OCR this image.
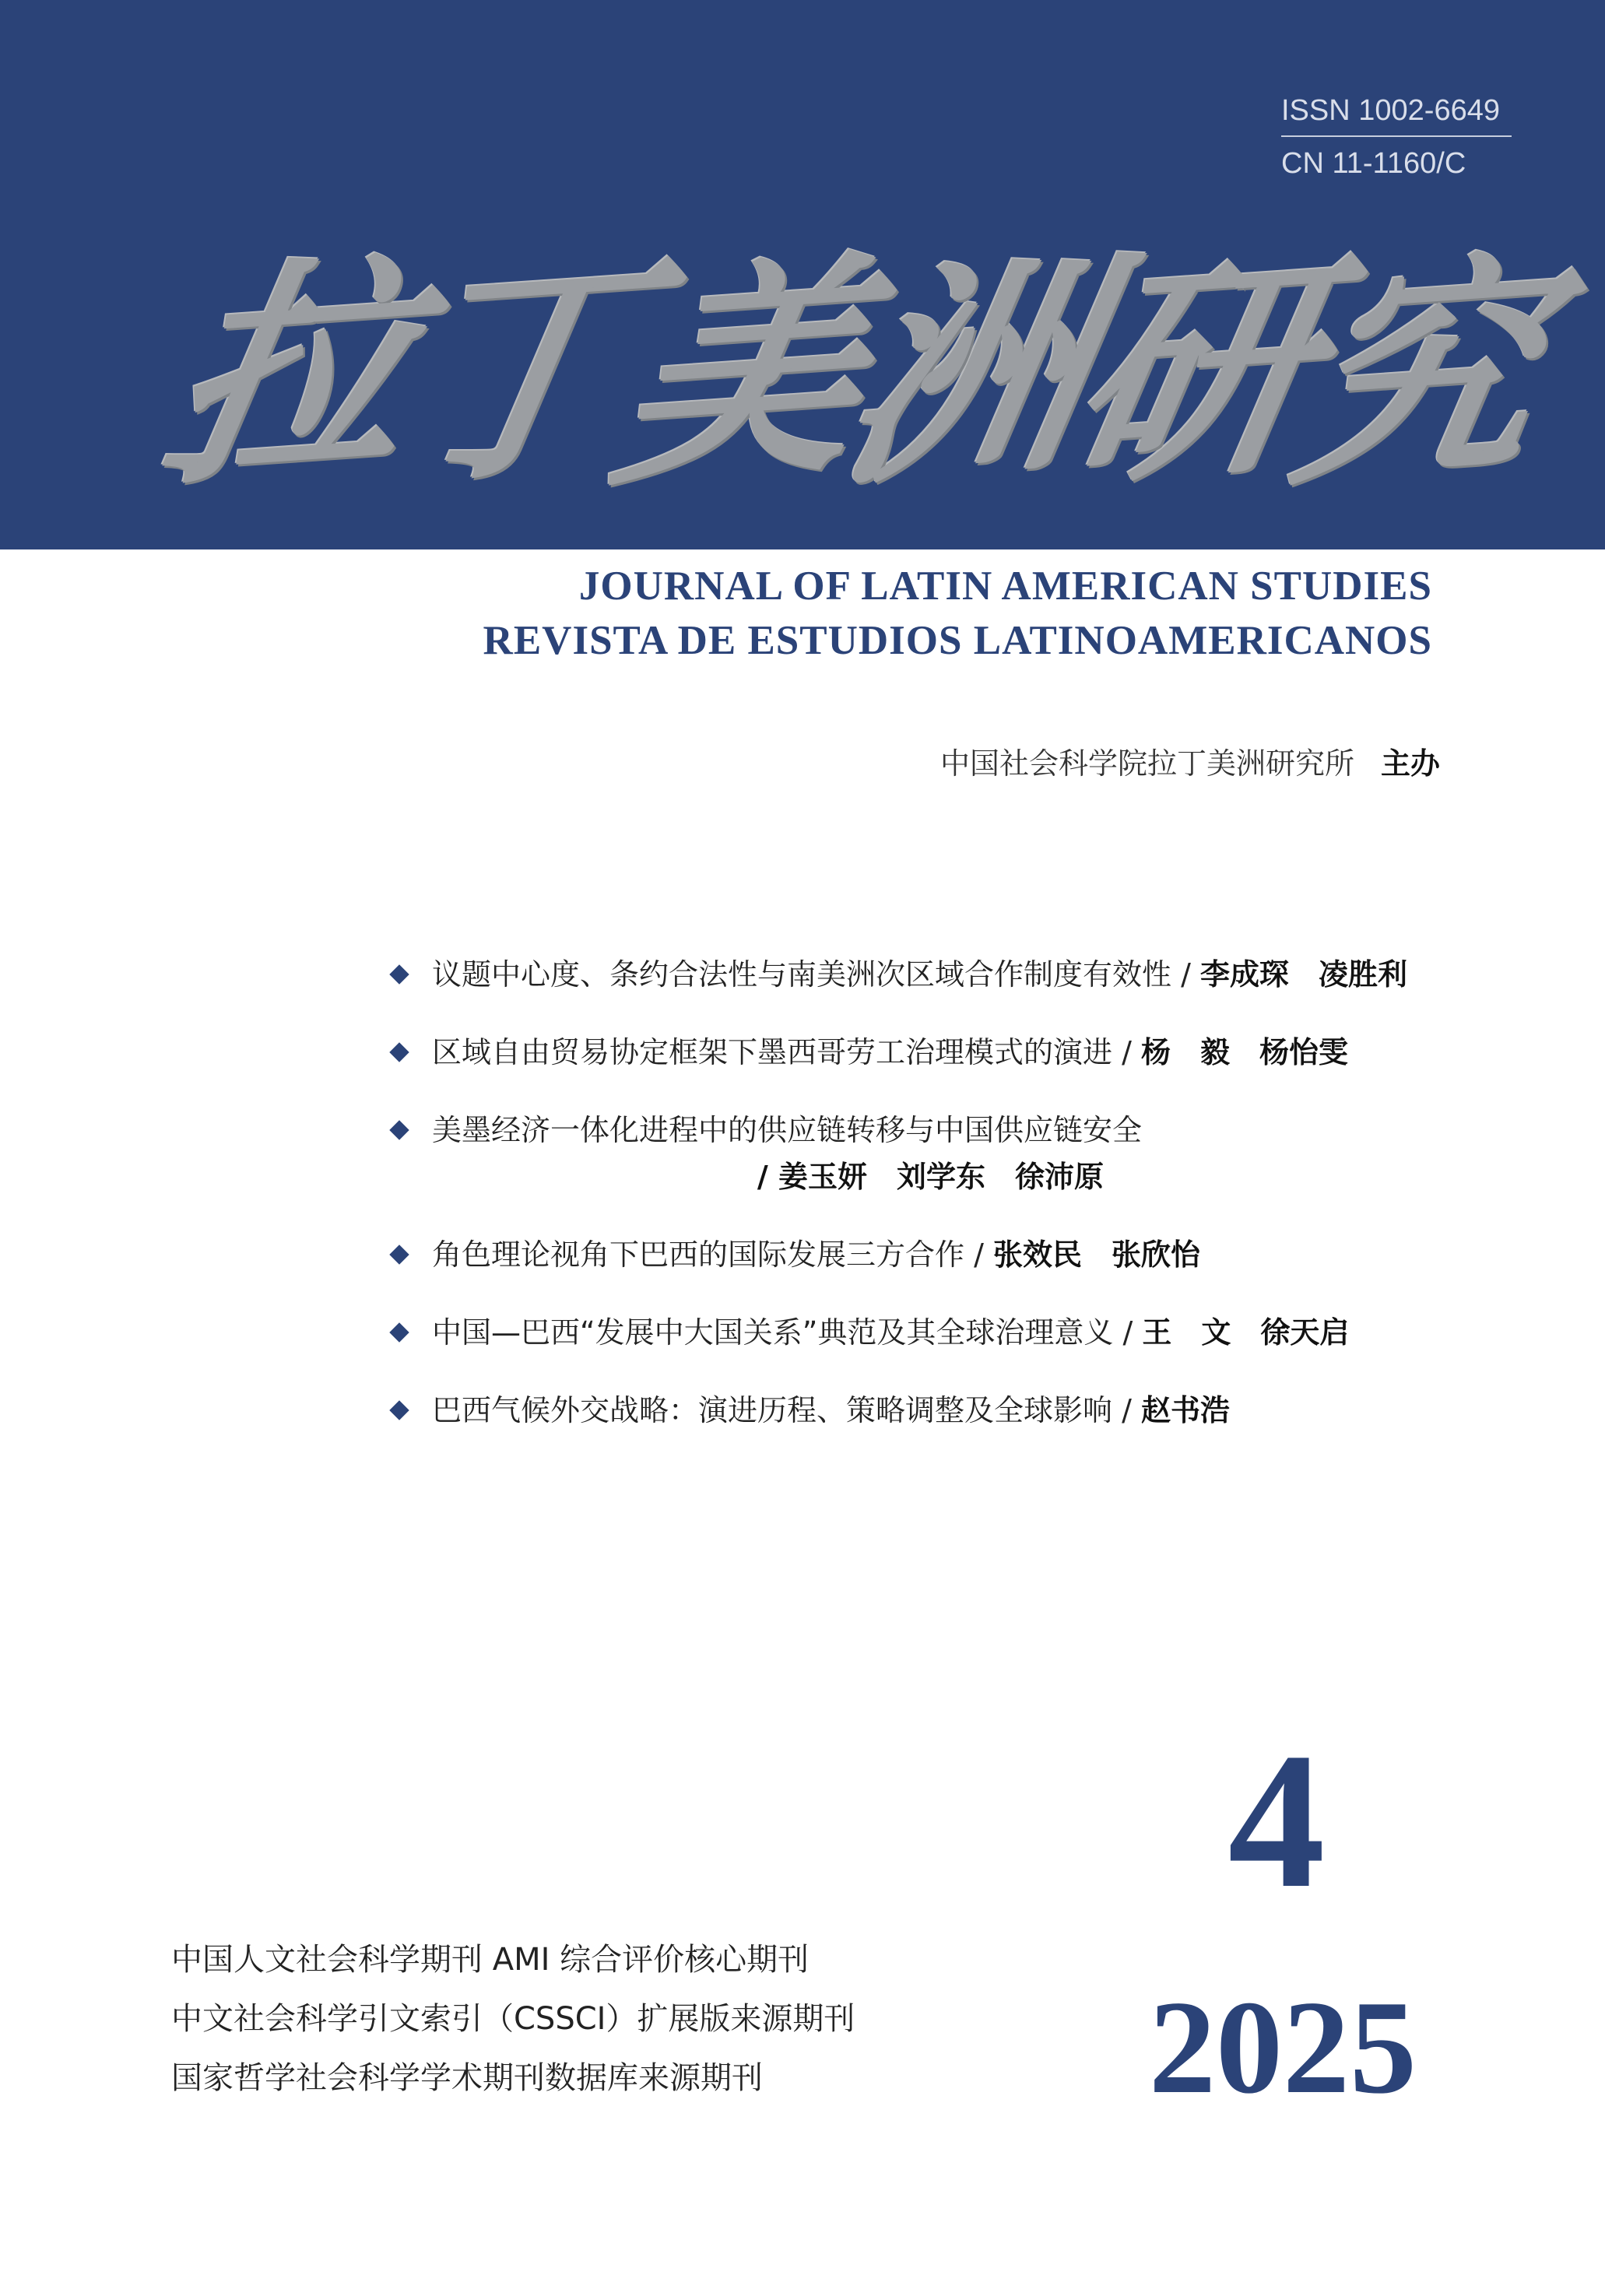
ISSN 1002-6649
CN 11-1160/C
拉
丁
美
洲
研
究
JOURNAL OF LATIN AMERICAN STUDIES
REVISTA DE ESTUDIOS LATINOAMERICANOS
中国社会科学院拉丁美洲研究所 主办
议题中心度、条约合法性与南美洲次区域合作制度有效性 / 李成琛　凌胜利
区域自由贸易协定框架下墨西哥劳工治理模式的演进 / 杨　毅　杨怡雯
美墨经济一体化进程中的供应链转移与中国供应链安全
/ 姜玉妍　刘学东　徐沛原
角色理论视角下巴西的国际发展三方合作 / 张效民　张欣怡
中国—巴西“发展中大国关系”典范及其全球治理意义 / 王　文　徐天启
巴西气候外交战略：演进历程、策略调整及全球影响 / 赵书浩
4
2025
中国人文社会科学期刊 AMI 综合评价核心期刊
中文社会科学引文索引（CSSCI）扩展版来源期刊
国家哲学社会科学学术期刊数据库来源期刊
